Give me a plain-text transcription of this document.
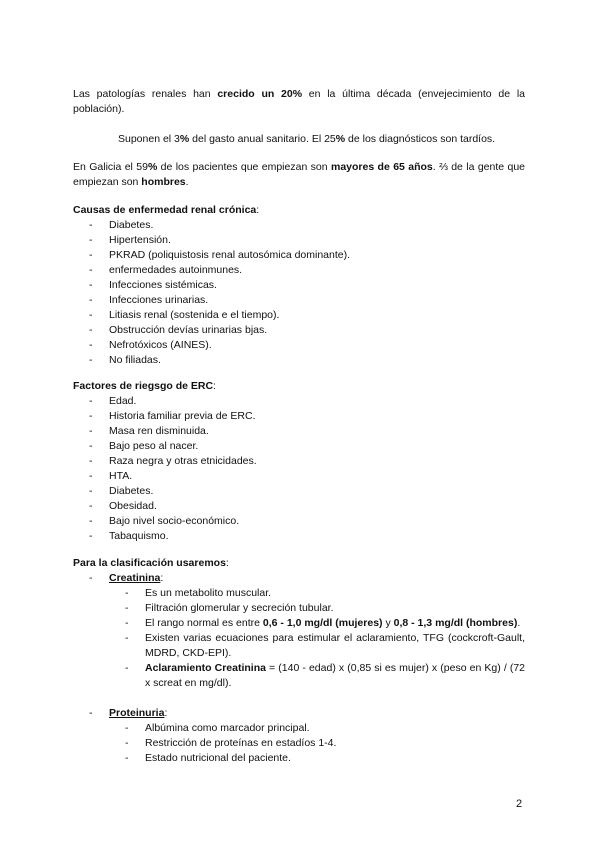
Las patologías renales han crecido un 20% en la última década (envejecimiento de la población).

Suponen el 3% del gasto anual sanitario. El 25% de los diagnósticos son tardíos.

En Galicia el 59% de los pacientes que empiezan son mayores de 65 años. ⅔ de la gente que empiezan son hombres.

Causas de enfermedad renal crónica:

- Diabetes.
- Hipertensión.
- PKRAD (poliquistosis renal autosómica dominante).
- enfermedades autoinmunes.
- Infecciones sistémicas.
- Infecciones urinarias.
- Litiasis renal (sostenida e el tiempo).
- Obstrucción devías urinarias bjas.
- Nefrotóxicos (AINES).
- No filiadas.

Factores de riegsgo de ERC:

- Edad.
- Historia familiar previa de ERC.
- Masa ren disminuida.
- Bajo peso al nacer.
- Raza negra y otras etnicidades.
- HTA.
- Diabetes.
- Obesidad.
- Bajo nivel socio-económico.
- Tabaquismo.

Para la clasificación usaremos:

- Creatinina:
- Es un metabolito muscular.
- Filtración glomerular y secreción tubular.
- El rango normal es entre 0,6 - 1,0 mg/dl (mujeres) y 0,8 - 1,3 mg/dl (hombres).
- Existen varias ecuaciones para estimular el aclaramiento, TFG (cockcroft-Gault, MDRD, CKD-EPI).
- Aclaramiento Creatinina = (140 - edad) x (0,85 si es mujer) x (peso en Kg) / (72 x screat en mg/dl).
- Proteinuria:
- Albúmina como marcador principal.
- Restricción de proteínas en estadíos 1-4.
- Estado nutricional del paciente.
2
